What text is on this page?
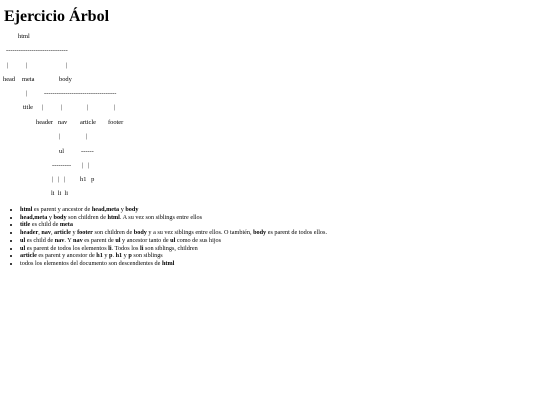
Ejercicio Árbol
html
-----------------------------
|	|	|
head meta	body
|	----------------------------------
title |	|	|	|
header nav article footer
|	|
ul	------
--------- |   |
|   |   | h1   p
li  li  li
• html es parent y ancestor de head,meta y body
• head,meta y body son children de html. A su vez son siblings entre ellos
• title es child de meta
• header, nav, article y footer son children de body y a su vez siblings entre ellos. O también, body es parent de todos ellos.
• ul es child de nav. Y nav es parent de ul y ancestor tanto de ul como de sus hijos
• ul es parent de todos los elementos li. Todos los li son siblings, children
• article es parent y ancestor de h1 y p. h1 y p son siblings
• todos los elementos del documento son descendientes de html
